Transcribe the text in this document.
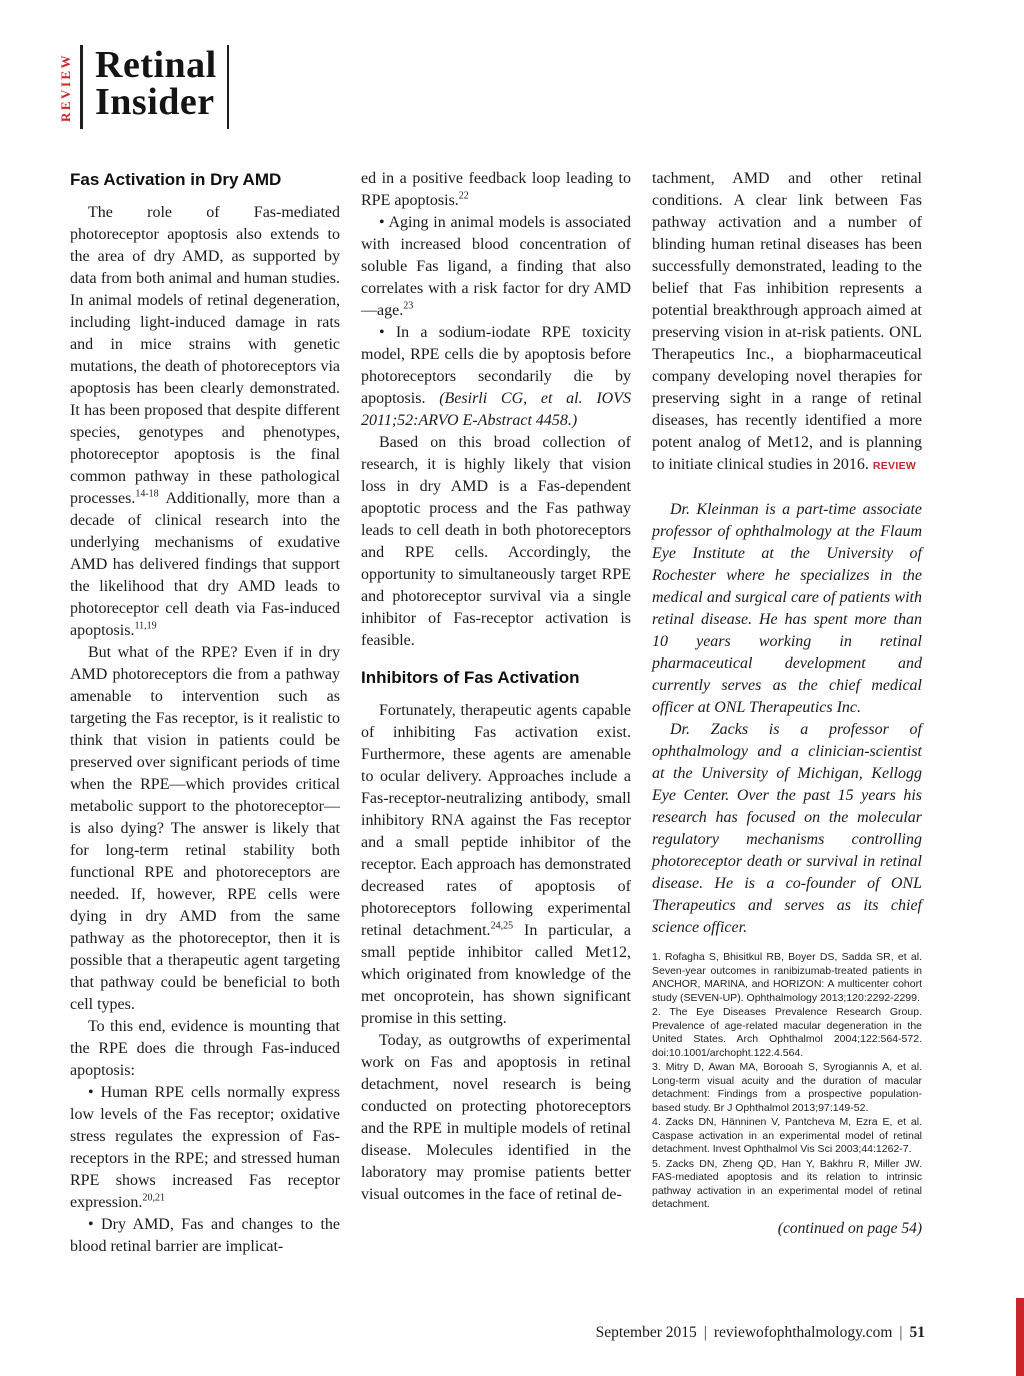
REVIEW Retinal
Insider
Fas Activation in Dry AMD

The role of Fas-mediated photoreceptor apoptosis also extends to the area of dry AMD, as supported by data from both animal and human studies. In animal models of retinal degeneration, including light-induced damage in rats and in mice strains with genetic mutations, the death of photoreceptors via apoptosis has been clearly demonstrated. It has been proposed that despite different species, genotypes and phenotypes, photoreceptor apoptosis is the final common pathway in these pathological processes.$^{14-18}$ Additionally, more than a decade of clinical research into the underlying mechanisms of exudative AMD has delivered findings that support the likelihood that dry AMD leads to photoreceptor cell death via Fas-induced apoptosis.$^{11,19}$

But what of the RPE? Even if in dry AMD photoreceptors die from a pathway amenable to intervention such as targeting the Fas receptor, is it realistic to think that vision in patients could be preserved over significant periods of time when the RPE—which provides critical metabolic support to the photoreceptor—is also dying? The answer is likely that for long-term retinal stability both functional RPE and photoreceptors are needed. If, however, RPE cells were dying in dry AMD from the same pathway as the photoreceptor, then it is possible that a therapeutic agent targeting that pathway could be beneficial to both cell types.

To this end, evidence is mounting that the RPE does die through Fas-induced apoptosis:

• Human RPE cells normally express low levels of the Fas receptor; oxidative stress regulates the expression of Fas-receptors in the RPE; and stressed human RPE shows increased Fas receptor expression.$^{20,21}$

• Dry AMD, Fas and changes to the blood retinal barrier are implicat-

ed in a positive feedback loop leading to RPE apoptosis.$^{22}$

• Aging in animal models is associated with increased blood concentration of soluble Fas ligand, a finding that also correlates with a risk factor for dry AMD—age.$^{23}$

• In a sodium-iodate RPE toxicity model, RPE cells die by apoptosis before photoreceptors secondarily die by apoptosis. (Besirli CG, et al. IOVS 2011;52:ARVO E-Abstract 4458.)

Based on this broad collection of research, it is highly likely that vision loss in dry AMD is a Fas-dependent apoptotic process and the Fas pathway leads to cell death in both photoreceptors and RPE cells. Accordingly, the opportunity to simultaneously target RPE and photoreceptor survival via a single inhibitor of Fas-receptor activation is feasible.

Inhibitors of Fas Activation

Fortunately, therapeutic agents capable of inhibiting Fas activation exist. Furthermore, these agents are amenable to ocular delivery. Approaches include a Fas-receptor-neutralizing antibody, small inhibitory RNA against the Fas receptor and a small peptide inhibitor of the receptor. Each approach has demonstrated decreased rates of apoptosis of photoreceptors following experimental retinal detachment.$^{24,25}$ In particular, a small peptide inhibitor called Met12, which originated from knowledge of the met oncoprotein, has shown significant promise in this setting.

Today, as outgrowths of experimental work on Fas and apoptosis in retinal detachment, novel research is being conducted on protecting photoreceptors and the RPE in multiple models of retinal disease. Molecules identified in the laboratory may promise patients better visual outcomes in the face of retinal de-

tachment, AMD and other retinal conditions. A clear link between Fas pathway activation and a number of blinding human retinal diseases has been successfully demonstrated, leading to the belief that Fas inhibition represents a potential breakthrough approach aimed at preserving vision in at-risk patients. ONL Therapeutics Inc., a biopharmaceutical company developing novel therapies for preserving sight in a range of retinal diseases, has recently identified a more potent analog of Met12, and is planning to initiate clinical studies in 2016. REVIEW

Dr. Kleinman is a part-time associate professor of ophthalmology at the Flaum Eye Institute at the University of Rochester where he specializes in the medical and surgical care of patients with retinal disease. He has spent more than 10 years working in retinal pharmaceutical development and currently serves as the chief medical officer at ONL Therapeutics Inc.

Dr. Zacks is a professor of ophthalmology and a clinician-scientist at the University of Michigan, Kellogg Eye Center. Over the past 15 years his research has focused on the molecular regulatory mechanisms controlling photoreceptor death or survival in retinal disease. He is a co-founder of ONL Therapeutics and serves as its chief science officer.

1. Rofagha S, Bhisitkul RB, Boyer DS, Sadda SR, et al. Seven-year outcomes in ranibizumab-treated patients in ANCHOR, MARINA, and HORIZON: A multicenter cohort study (SEVEN-UP). Ophthalmology 2013;120:2292-2299.

2. The Eye Diseases Prevalence Research Group. Prevalence of age-related macular degeneration in the United States. Arch Ophthalmol 2004;122:564-572. doi:10.1001/archopht.122.4.564.

3. Mitry D, Awan MA, Borooah S, Syrogiannis A, et al. Long-term visual acuity and the duration of macular detachment: Findings from a prospective population-based study. Br J Ophthalmol 2013;97:149-52.

4. Zacks DN, Hänninen V, Pantcheva M, Ezra E, et al. Caspase activation in an experimental model of retinal detachment. Invest Ophthalmol Vis Sci 2003;44:1262-7.

5. Zacks DN, Zheng QD, Han Y, Bakhru R, Miller JW. FAS-mediated apoptosis and its relation to intrinsic pathway activation in an experimental model of retinal detachment.

(continued on page 54)

September 2015 | reviewofophthalmology.com | 51
